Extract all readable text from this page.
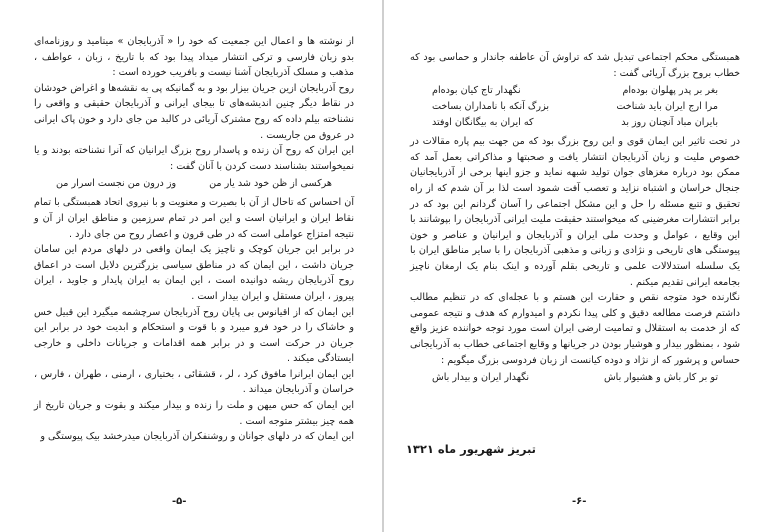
از نوشته ها و اعمال این جمعیت که خود را « آذربایجان » میتامید و روزنامه‌ای بدو زبان فارسی و ترکی انتشار میداد پیدا بود که با تاریخ ، زبان ، عواطف ، مذهب و مسلک آذربایجان آشنا نیست و بافریب خورده است :

روح آذربایجان ازین جریان بیزار بود و به گمانیکه پی به نقشه‌ها و اغراض خودشان در نقاط دیگر چنین اندیشه‌های تا بیجای ایرانی و آذربایجان حقیقی و واقعی را نشناخته بیلم داده که روح مشترک آریائی در کالبد من جای دارد و خون پاک ایرانی در عروق من جاریست .

این ایران که روح آن زنده و پاسدار روح بزرگ ایرانیان که آنرا نشناخته بودند و یا نمیخواستند بشناسند دست کردن با آنان گفت :

هرکسی از ظن خود شد یار من
وز درون من نجست اسرار من

آن احساس که تاحال از آن با بصیرت و معنویت و با نیروی اتحاد همبستگی با تمام نقاط ایران و ایرانیان است و این امر در تمام سرزمین و مناطق ایران از آن و نتیجه امتزاج عواملی است که در طی قرون و اعصار روح من جای دارد .

در برابر این جریان کوچک و ناچیز یک ایمان واقعی در دلهای مردم این سامان جریان داشت ، این ایمان که در مناطق سیاسی بزرگترین دلایل است در اعماق روح آذربایجان ریشه دوانیده است ، این ایمان به ایران پایدار و جاوید ، ایران پیروز ، ایران مستقل و ایران بیدار است .

این ایمان که از اقیانوس بی پایان روح آذربایجان سرچشمه میگیرد این قبیل خس و خاشاک را در خود فرو میبرد و با قوت و استحکام و ابدیت خود در برابر این جریان در حرکت است و در برابر همه اقدامات و جریانات داخلی و خارجی ایستادگی میکند .

این ایمان ایرانرا مافوق کرد ، لر ، قشقائی ، بختیاری ، ارمنی ، طهران ، فارس ، خراسان و آذربایجان میداند .

این ایمان که حس میهن و ملت را زنده و بیدار میکند و بقوت و جریان تاریخ از همه چیز بیشتر متوجه است .

این ایمان که در دلهای جوانان و روشنفکران آذربایجان میدرخشد بیک پیوستگی و

-۵-

همبستگی محکم اجتماعی تبدیل شد که تراوش آن عاطفه جاندار و حماسی بود که خطاب بروح بزرگ آریائی گفت :

بغر بر پدر پهلوان بوده‌ام
نگهدار تاج کیان بوده‌ام
مرا ارج ایران باید شناخت
بزرگ آنکه با نامداران بساخت
بایران مباد آنچنان روز بد
که ایران به بیگانگان اوفتد

در تحت تاثیر این ایمان قوی و این روح بزرگ بود که من جهت بیم پاره مقالات در خصوص ملیت و زبان آذربایجان انتشار یافت و صحبتها و مذاکراتی بعمل آمد که ممکن بود درباره مغزهای جوان تولید شبهه نماید و جزو اینها برخی از آذربایجانیان جنجال خراسان و اشتباه نزاید و تعصب آفت شمود است لذا بر آن شدم که از راه تحقیق و تتبع مسئله را حل و این مشکل اجتماعی را آسان گردانم این بود که در برابر انتشارات مغرضینی که میخواستند حقیقت ملیت ایرانی آذربایجان را بپوشانند با این وقایع ، عوامل و وحدت ملی ایران و آذربایجان و ایرانیان و عناصر و خون پیوستگی های تاریخی و نژادی و زبانی و مذهبی آذربایجان را با سایر مناطق ایران با یک سلسله استدلالات علمی و تاریخی بقلم آورده و اینک بنام یک ارمغان ناچیز بجامعه ایرانی تقدیم میکنم .

نگارنده خود متوجه نقص و حقارت این هستم و با عجله‌ای که در تنظیم مطالب داشتم فرصت مطالعه دقیق و کلی پیدا نکردم و امیدوارم که هدف و نتیجه عمومی که از خدمت به استقلال و تمامیت ارضی ایران است مورد توجه خواننده عزیز واقع شود ، بمنظور بیدار و هوشیار بودن در جریانها و وقایع اجتماعی خطاب به آذربایجانی حساس و پرشور که از نژاد و دوده کیانست از زبان فردوسی بزرگ میگویم :

تو بر کار باش و هشیوار باش
نگهدار ایران و بیدار باش
تبریز شهریور ماه ۱۳۲۱
-۶-
